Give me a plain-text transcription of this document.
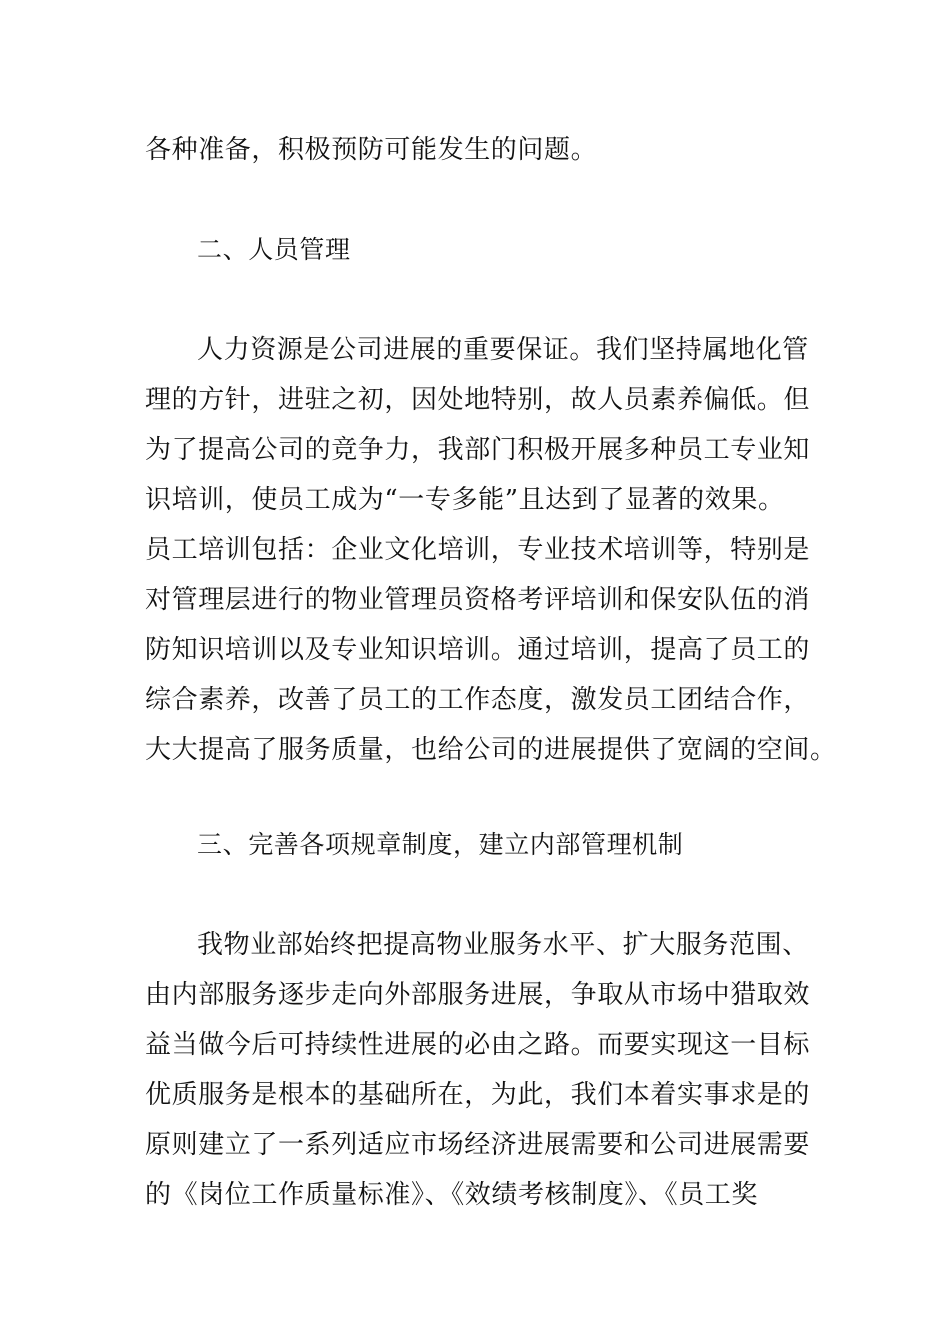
各种准备，积极预防可能发生的问题。
二、人员管理
人力资源是公司进展的重要保证。我们坚持属地化管
理的方针，进驻之初，因处地特别，故人员素养偏低。但
为了提高公司的竞争力，我部门积极开展多种员工专业知
识培训，使员工成为“一专多能”且达到了显著的效果。
员工培训包括：企业文化培训，专业技术培训等，特别是
对管理层进行的物业管理员资格考评培训和保安队伍的消
防知识培训以及专业知识培训。通过培训，提高了员工的
综合素养，改善了员工的工作态度，激发员工团结合作，
大大提高了服务质量，也给公司的进展提供了宽阔的空间。
三、完善各项规章制度，建立内部管理机制
我物业部始终把提高物业服务水平、扩大服务范围、
由内部服务逐步走向外部服务进展，争取从市场中猎取效
益当做今后可持续性进展的必由之路。而要实现这一目标
优质服务是根本的基础所在，为此，我们本着实事求是的
原则建立了一系列适应市场经济进展需要和公司进展需要
的《岗位工作质量标准》、《效绩考核制度》、《员工奖
